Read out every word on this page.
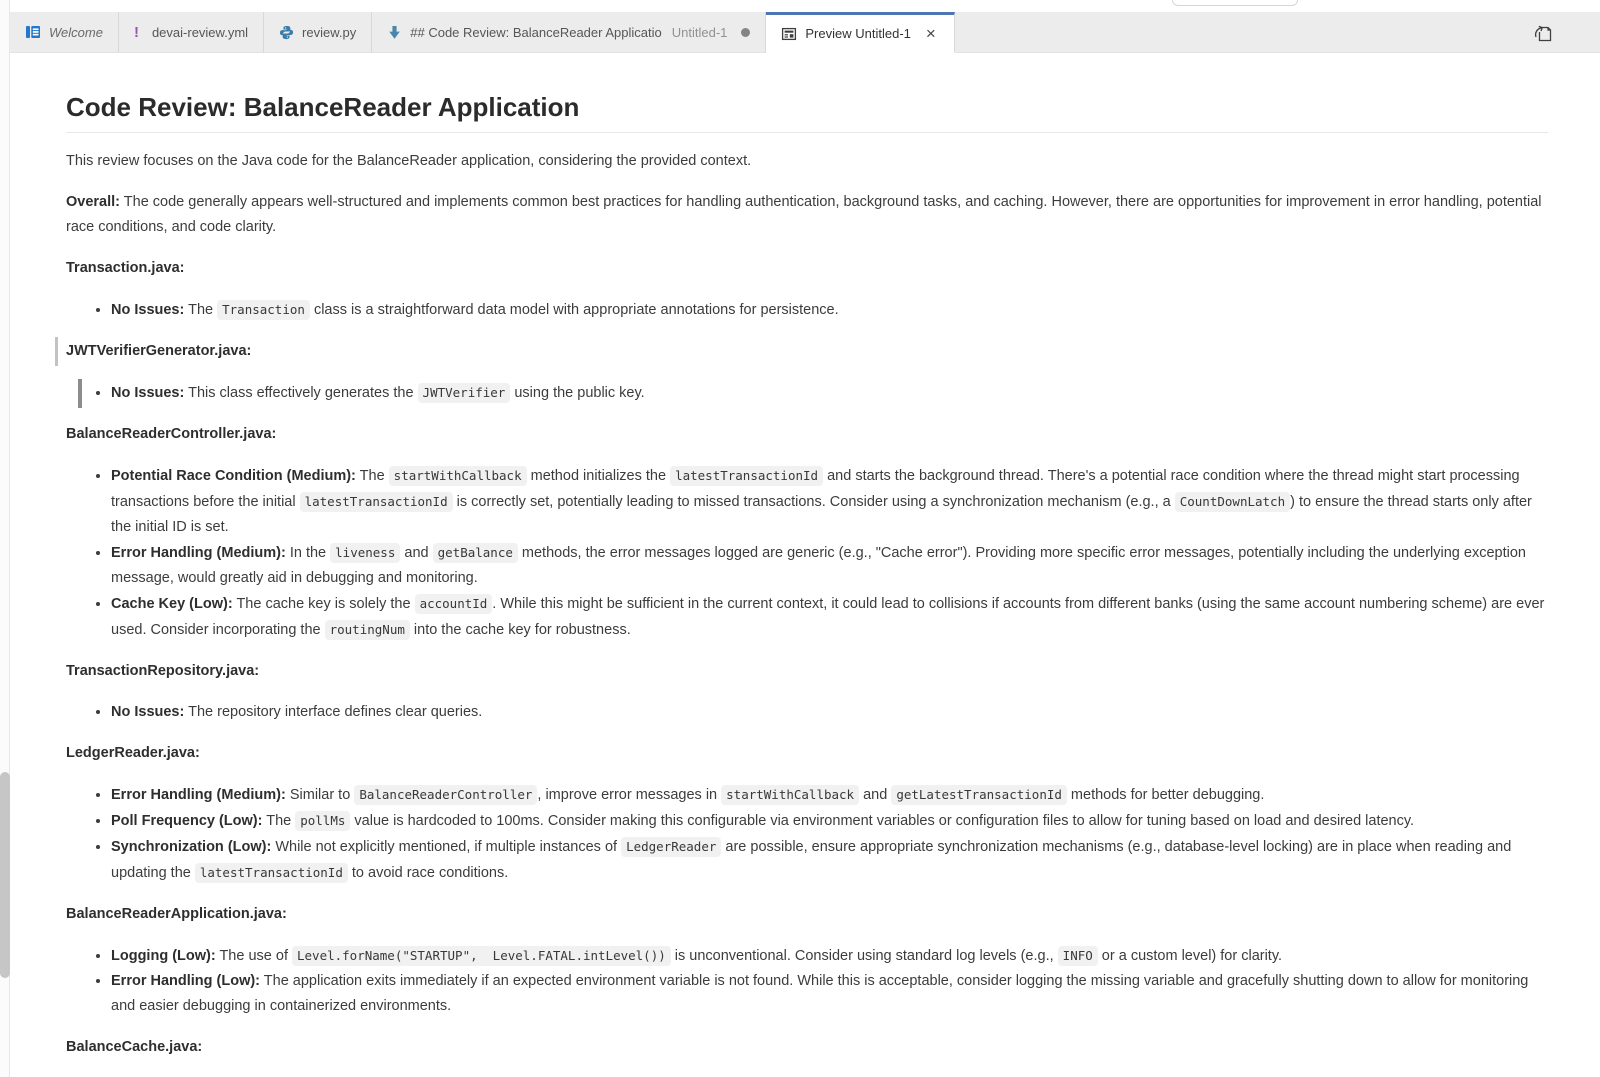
Welcome !	devai-review.yml	review.py	## Code Review: BalanceReader Applicatio Untitled-1	Preview Untitled-1 ×
Code Review: BalanceReader Application

This review focuses on the Java code for the BalanceReader application, considering the provided context.

Overall: The code generally appears well-structured and implements common best practices for handling authentication, background tasks, and caching. However, there are opportunities for improvement in error handling, potential race conditions, and code clarity.

Transaction.java:

• No Issues: The Transaction class is a straightforward data model with appropriate annotations for persistence.

JWTVerifierGenerator.java:

• No Issues: This class effectively generates the JWTVerifier using the public key.

BalanceReaderController.java:

• Potential Race Condition (Medium): The startWithCallback method initializes the latestTransactionId and starts the background thread. There's a potential race condition where the thread might start processing transactions before the initial latestTransactionId is correctly set, potentially leading to missed transactions. Consider using a synchronization mechanism (e.g., a CountDownLatch ) to ensure the thread starts only after the initial ID is set.
• Error Handling (Medium): In the liveness and getBalance methods, the error messages logged are generic (e.g., "Cache error"). Providing more specific error messages, potentially including the underlying exception message, would greatly aid in debugging and monitoring.
• Cache Key (Low): The cache key is solely the accountId . While this might be sufficient in the current context, it could lead to collisions if accounts from different banks (using the same account numbering scheme) are ever used. Consider incorporating the routingNum into the cache key for robustness.

TransactionRepository.java:

• No Issues: The repository interface defines clear queries.

LedgerReader.java:

• Error Handling (Medium): Similar to BalanceReaderController , improve error messages in startWithCallback and getLatestTransactionId methods for better debugging.
• Poll Frequency (Low): The pollMs value is hardcoded to 100ms. Consider making this configurable via environment variables or configuration files to allow for tuning based on load and desired latency.
• Synchronization (Low): While not explicitly mentioned, if multiple instances of LedgerReader are possible, ensure appropriate synchronization mechanisms (e.g., database-level locking) are in place when reading and updating the latestTransactionId to avoid race conditions.

BalanceReaderApplication.java:

• Logging (Low): The use of Level.forName("STARTUP",  Level.FATAL.intLevel()) is unconventional. Consider using standard log levels (e.g., INFO or a custom level) for clarity.
• Error Handling (Low): The application exits immediately if an expected environment variable is not found. While this is acceptable, consider logging the missing variable and gracefully shutting down to allow for monitoring and easier debugging in containerized environments.

BalanceCache.java:
